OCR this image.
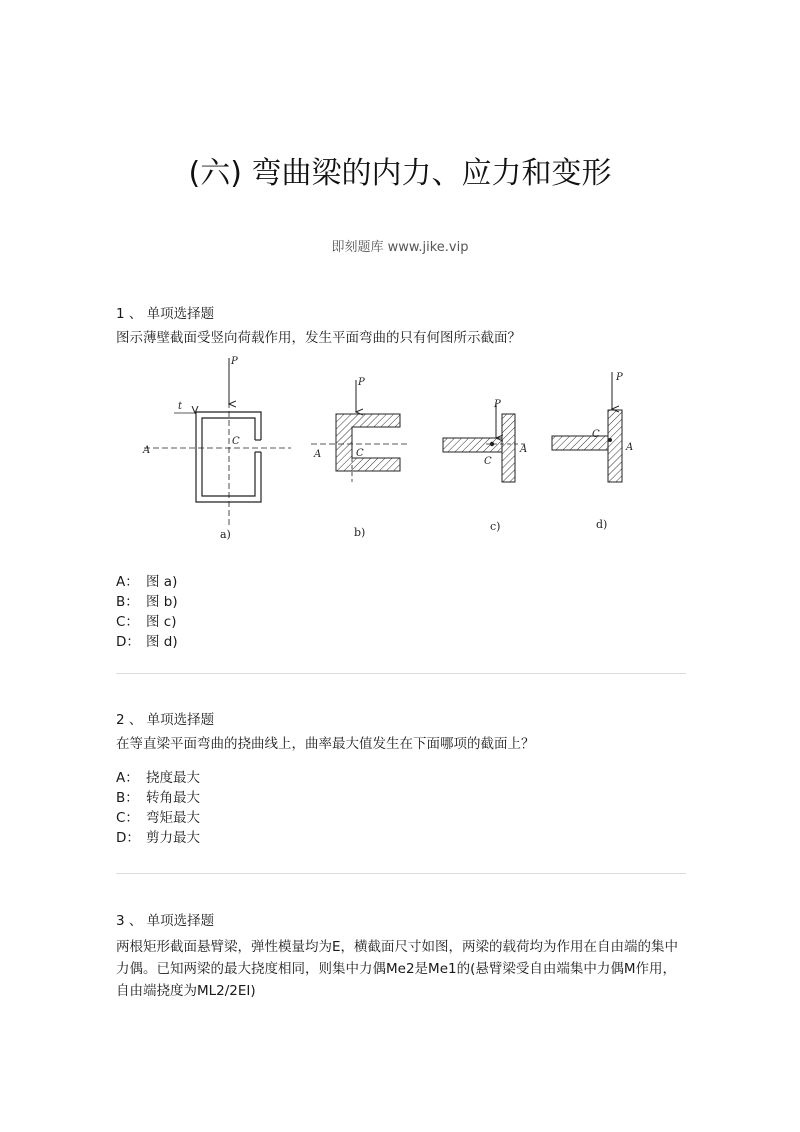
(六) 弯曲梁的内力、应力和变形
即刻题库 www.jike.vip
1 、 单项选择题

图示薄壁截面受竖向荷载作用，发生平面弯曲的只有何图所示截面？

P
A
C
t
a)
P
A	C
b)
P
A
C
c)
P
C
A
d)
A： 图 a)
B： 图 b)
C： 图 c)
D： 图 d)
2 、 单项选择题

在等直梁平面弯曲的挠曲线上，曲率最大值发生在下面哪项的截面上？

A： 挠度最大
B： 转角最大
C： 弯矩最大
D： 剪力最大
3 、 单项选择题

两根矩形截面悬臂梁，弹性模量均为E，横截面尺寸如图，两梁的载荷均为作用在自由端的集中力偶。已知两梁的最大挠度相同，则集中力偶Me2是Me1的(悬臂梁受自由端集中力偶M作用，自由端挠度为ML2/2EI)
